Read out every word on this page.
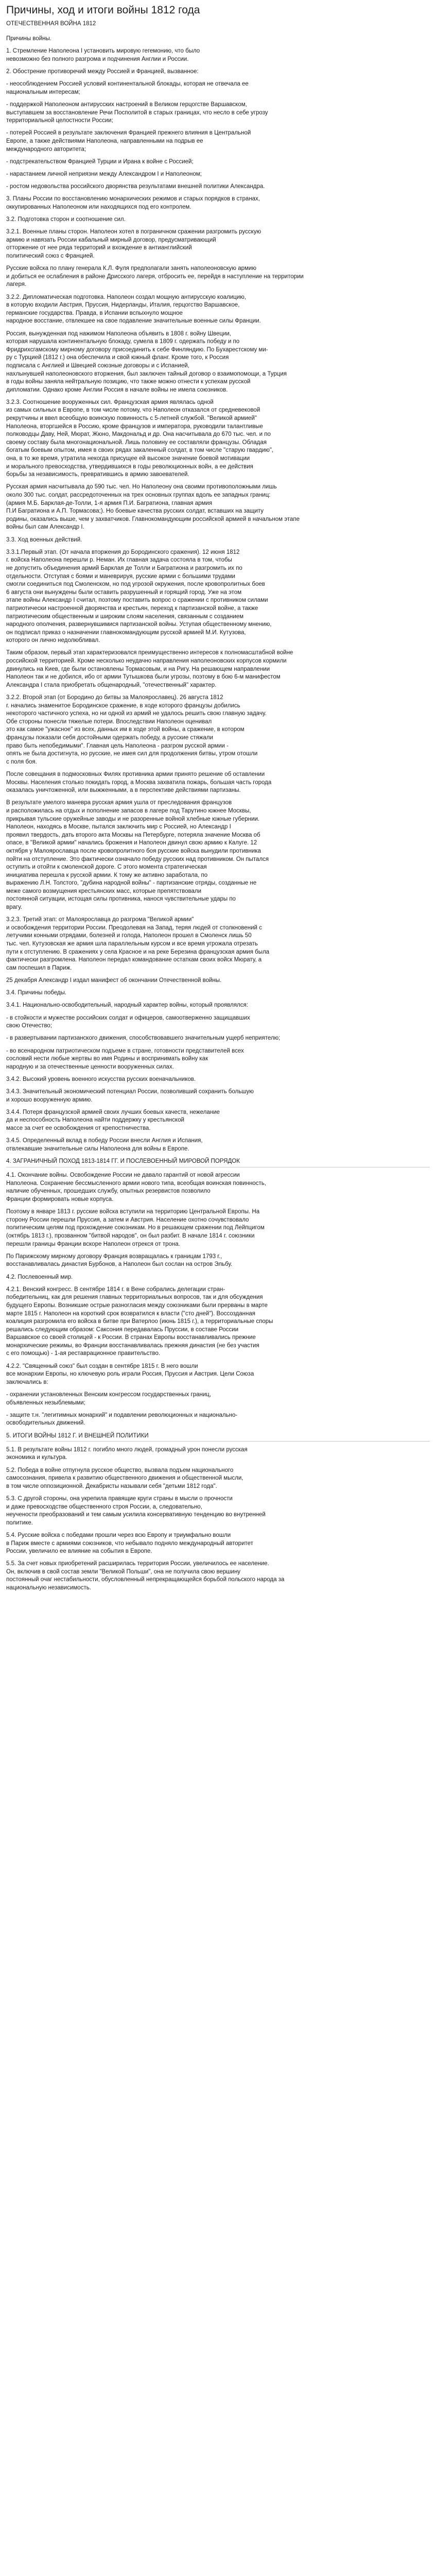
Причины, ход и итоги войны 1812 года
ОТЕЧЕСТВЕННАЯ ВОЙНА 1812
Причины войны.
1. Стремление Наполеона I установить мировую гегемонию, что было
невозможно без полного разгрома и подчинения Англии и России.
2. Обострение противоречий между Россией и Францией, вызванное:
- неособлюдением Россией условий континентальной блокады, которая не отвечала ее
национальным интересам;
- поддержкой Наполеоном антирусских настроений в Великом герцогстве Варшавском,
выступавшем за восстановление Речи Посполитой в старых границах, что несло в себе угрозу
территориальной целостности России;
- потерей Россией в результате заключения Францией прежнего влияния в Центральной
Европе, а также действиями Наполеона, направленными на подрыв ее
международного авторитета;
- подстрекательством Францией Турции и Ирана к войне с Россией;
- нарастанием личной неприязни между Александром I и Наполеоном;
- ростом недовольства российского дворянства результатами внешней политики Александра.
3. Планы России по восстановлению монархических режимов и старых порядков в странах,
оккупированных Наполеоном или находящихся под его контролем.
3.2. Подготовка сторон и соотношение сил.
3.2.1. Военные планы сторон. Наполеон хотел в пограничном сражении разгромить русскую
армию и навязать России кабальный мирный договор, предусматривающий
отторжение от нее ряда территорий и вхождение в антианглийский
политический союз с Францией.
Русские войска по плану генерала К.Л. Фуля предполагали занять наполеоновскую армию
и добиться ее ослабления в районе Дрисского лагеря, отбросить ее, перейдя в наступление на территории
лагеря.
3.2.2. Дипломатическая подготовка. Наполеон создал мощную антирусскую коалицию,
в которую входили Австрия, Пруссия, Нидерланды, Италия, герцогство Варшавское,
германские государства. Правда, в Испании вспыхнуло мощное
народное восстание, отвлекшее на свое подавление значительные военные силы Франции.
Россия, вынужденная под нажимом Наполеона объявить в 1808 г. войну Швеции,
которая нарушала континентальную блокаду, сумела в 1809 г. одержать победу и по
Фридрихсгамскому мирному договору присоединить к себе Финляндию. По Бухарестскому ми-
ру с Турцией (1812 г.) она обеспечила и свой южный фланг. Кроме того, к Россия
подписала с Англией и Швецией союзные договоры и с Испанией,
нахлынувшей наполеоновского вторжения, был заключен тайный договор о взаимопомощи, а Турция
в годы войны заняла нейтральную позицию, что также можно отнести к успехам русской
дипломатии. Однако кроме Англии Россия в начале войны не имела союзников.
3.2.3. Соотношение вооруженных сил. Французская армия являлась одной
из самых сильных в Европе, в том числе потому, что Наполеон отказался от средневековой
рекрутчины и ввел всеобщую воинскую повинность с 5-летней службой. "Великой армией"
Наполеона, вторгшейся в Россию, кроме французов и императора, руководили талантливые
полководцы Даву, Ней, Мюрат, Жюно, Макдональд и др. Она насчитывала до 670 тыс. чел. и по
своему составу была многонациональной. Лишь половину ее составляли французы. Обладая
богатым боевым опытом, имея в своих рядах закаленный солдат, в том числе "старую гвардию",
она, в то же время, утратила некогда присущее ей высокое значение боевой мотивации
и морального превосходства, утвердившихся в годы революционных войн, а ее действия
борьбы за независимость, превратившись в армию завоевателей.
Русская армия насчитывала до 590 тыс. чел. Но Наполеону она своими противоположными лишь
около 300 тыс. солдат, рассредоточенных на трех основных группах вдоль ее западных границ:
(армия М.Б. Барклая-де-Толли, 1-я армия П.И. Багратиона, главная армия
П.И Багратиона и А.П. Тормасова;). Но боевые качества русских солдат, вставших на защиту
родины, оказались выше, чем у захватчиков. Главнокомандующим российской армией в начальном этапе
войны был сам Александр I.
3.3. Ход военных действий.
3.3.1.Первый этап. (От начала вторжения до Бородинского сражения). 12 июня 1812
г. войска Наполеона перешли р. Неман. Их главная задача состояла в том, чтобы
не допустить объединения армий Барклая де Толли и Багратиона и разгромить их по
отдельности. Отступая с боями и маневрируя, русские армии с большими трудами
смогли соединиться под Смоленском, но под угрозой окружения, после кровопролитных боев
6 августа они вынуждены были оставить разрушенный и горящий город. Уже на этом
этапе войны Александр I считал, поэтому поставить вопрос о сражении с противником силами
патриотически настроенной дворянства и крестьян, переход к партизанской войне, а также
патриотическим общественным и широким слоям населения, связанным с созданием
народного ополчения, развернувшимися партизанской войны. Уступая общественному мнению,
он подписал приказ о назначении главнокомандующим русской армией М.И. Кутузова,
которого он лично недолюбливал.
Таким образом, первый этап характеризовался преимущественно интересов к полномасштабной войне
российской территорией. Кроме несколько неудачно направления наполеоновских корпусов кормили
двинулись на Киев, где были остановлены Тормасовым, и на Ригу. На решающем направлении
Наполеон так и не добился, ибо от армии Тутышкова были угрозы, поэтому в бою 6-м манифестом
Александра I стала приобретать общенародный, "отечественный" характер.
3.2.2. Второй этап (от Бородино до битвы за Малоярославец). 26 августа 1812
г. начались знаменитое Бородинское сражение, в ходе которого французы добились
некоторого частичного успеха, но ни одной из армий не удалось решить свою главную задачу.
Обе стороны понесли тяжелые потери. Впоследствии Наполеон оценивал
это как самое "ужасное" из всех, данных им в ходе этой войны, а сражение, в котором
французы показали себя достойными одержать победу, а русские стяжали
право быть непобедимыми". Главная цель Наполеона - разгром русской армии -
опять не была достигнута, но русские, не имея сил для продолжения битвы, утром отошли
с поля боя.
После совещания в подмосковных Филях противника армии принято решение об оставлении
Москвы. Населения столько покидать город, а Москва захватила пожарь, большая часть города
оказалась уничтоженной, или выжженными, а в перспективе действиями партизаны.
В результате умелого маневра русская армия ушла от преследования французов
и расположилась на отдых и пополнение запасов в лагере под Тарутино южнее Москвы,
прикрывая тульские оружейные заводы и не разоренные войной хлебные южные губернии.
Наполеон, находясь в Москве, пытался заключить мир с Россией, но Александр I
проявил твердость, дать второго акта Москвы на Петербурге, потеряла значение Москва об
опасе, в "Великой армии" начались брожения и Наполеон двинул свою армию к Калуге. 12
октября у Малоярославца после кровопролитного боя русские войска вынудили противника
пойти на отступление. Это фактически означало победу русских над противником. Он пытался
оступить и отойти к смоленской дороге. С этого момента стратегическая
инициатива перешла к русской армии. К тому же активно заработала, по
выражению Л.Н. Толстого, "дубина народной войны" - партизанские отряды, созданные не
меже самого возмущения крестьянских масс, которые препятствовали
постоянной ситуации, истощая силы противника, нанося чувствительные удары по
врагу.
3.2.3. Третий этап: от Малоярославца до разгрома "Великой армии"
и освобождения территории России. Преодолевая на Запад, теряя людей от столкновений с
летучими конными отрядами, болезней и голода, Наполеон прошел в Смоленск лишь 50
тыс. чел. Кутузовская же армия шла параллельным курсом и все время угрожала отрезать
пути к отступлению. В сражениях у села Красное и на реке Березина французская армия была
фактически разгромлена. Наполеон передал командование остаткам своих войск Мюрату, а
сам поспешил в Париж.
25 декабря Александр I издал манифест об окончании Отечественной войны.
3.4. Причины победы.
3.4.1. Национально-освободительный, народный характер войны, который проявлялся:
- в стойкости и мужестве российских солдат и офицеров, самоотверженно защищавших
свою Отечество;
- в развертывании партизанского движения, способствовавшего значительным ущерб неприятелю;
- во всенародном патриотическом подъеме в стране, готовности представителей всех
сословий нести любые жертвы во имя Родины и воспринимать войну как
народную и за отечественные ценности вооруженных силах.
3.4.2. Высокий уровень военного искусства русских военачальников.
3.4.3. Значительный экономический потенциал России, позволивший сохранить большую
и хорошо вооруженную армию.
3.4.4. Потеря французской армией своих лучших боевых качеств, нежелание
да и неспособность Наполеона найти поддержку у крестьянской
массе за счет ее освобождения от крепостничества.
3.4.5. Определенный вклад в победу России внесли Англия и Испания,
отвлекавшие значительные силы Наполеона для войны в Европе.
4. ЗАГРАНИЧНЫЙ ПОХОД 1813-1814 ГГ. И ПОСЛЕВОЕННЫЙ МИРОВОЙ ПОРЯДОК
4.1. Окончание войны. Освобождение России не давало гарантий от новой агрессии
Наполеона. Сохранение бессмысленного армии нового типа, всеобщая воинская повинность,
наличие обученных, прошедших службу, опытных резервистов позволило
Франции формировать новые корпуса.
Поэтому в январе 1813 г. русские войска вступили на территорию Центральной Европы. На
сторону России перешли Пруссия, а затем и Австрия. Население охотно сочувствовало
политическим целям под прохождение союзникам. Но в решающем сражении под Лейпцигом
(октябрь 1813 г.), прозванном "битвой народов", он был разбит. В начале 1814 г. союзники
перешли границы Франции вскоре Наполеон отрекся от трона.
По Парижскому мирному договору Франция возвращалась к границам 1793 г.,
восстанавливалась династия Бурбонов, а Наполеон был сослан на остров Эльбу.
4.2. Послевоенный мир.
4.2.1. Венский конгресс. В сентябре 1814 г. в Вене собрались делегации стран-
победительниц, как для решения главных территориальных вопросов, так и для обсуждения
будущего Европы. Возникшие острые разногласия между союзниками были прерваны в марте
марте 1815 г. Наполеон на короткий срок возвратился к власти ("сто дней"). Воссозданная
коалиция разгромила его войска в битве при Ватерлоо (июнь 1815 г.), а территориальные споры
решались следующим образом: Саксония передавалась Пруссии, в составе России
Варшавское со своей столицей - к России. В странах Европы восстанавливались прежние
монархические режимы, во Франции восстанавливалась прежняя династия (не без участия
с его помощью) - 1-ая реставрационное правительство.
4.2.2. "Священный союз" был создан в сентябре 1815 г. В него вошли
все монархии Европы, но ключевую роль играли Россия, Пруссия и Австрия. Цели Союза
заключались в:
- охранении установленных Венским конгрессом государственных границ,
объявленных незыблемыми;
- защите т.н. "легитимных монархий" и подавлении революционных и национально-
освободительных движений.
5. ИТОГИ ВОЙНЫ 1812 Г. И ВНЕШНЕЙ ПОЛИТИКИ
5.1. В результате войны 1812 г. погибло много людей, громадный урон понесли русская
экономика и культура.
5.2. Победа в войне отпугнула русское общество, вызвала подъем национального
самосознания, привела к развитию общественного движения и общественной мысли,
в том числе оппозиционной. Декабристы называли себя "детьми 1812 года".
5.3. С другой стороны, она укрепила правящие круги страны в мысли о прочности
и даже превосходстве общественного строя России, а, следовательно,
неучености преобразований и тем самым усилила консервативную тенденцию во внутренней
политике.
5.4. Русские войска с победами прошли через всю Европу и триумфально вошли
в Париж вместе с армиями союзников, что небывало подняло международный авторитет
России, увеличило ее влияние на события в Европе.
5.5. За счет новых приобретений расширилась территория России, увеличилось ее население.
Он, включив в свой состав земли "Великой Польши", она не получила свою вершину
постоянный очаг нестабильности, обусловленный непрекращающейся борьбой польского народа за
национальную независимость.
